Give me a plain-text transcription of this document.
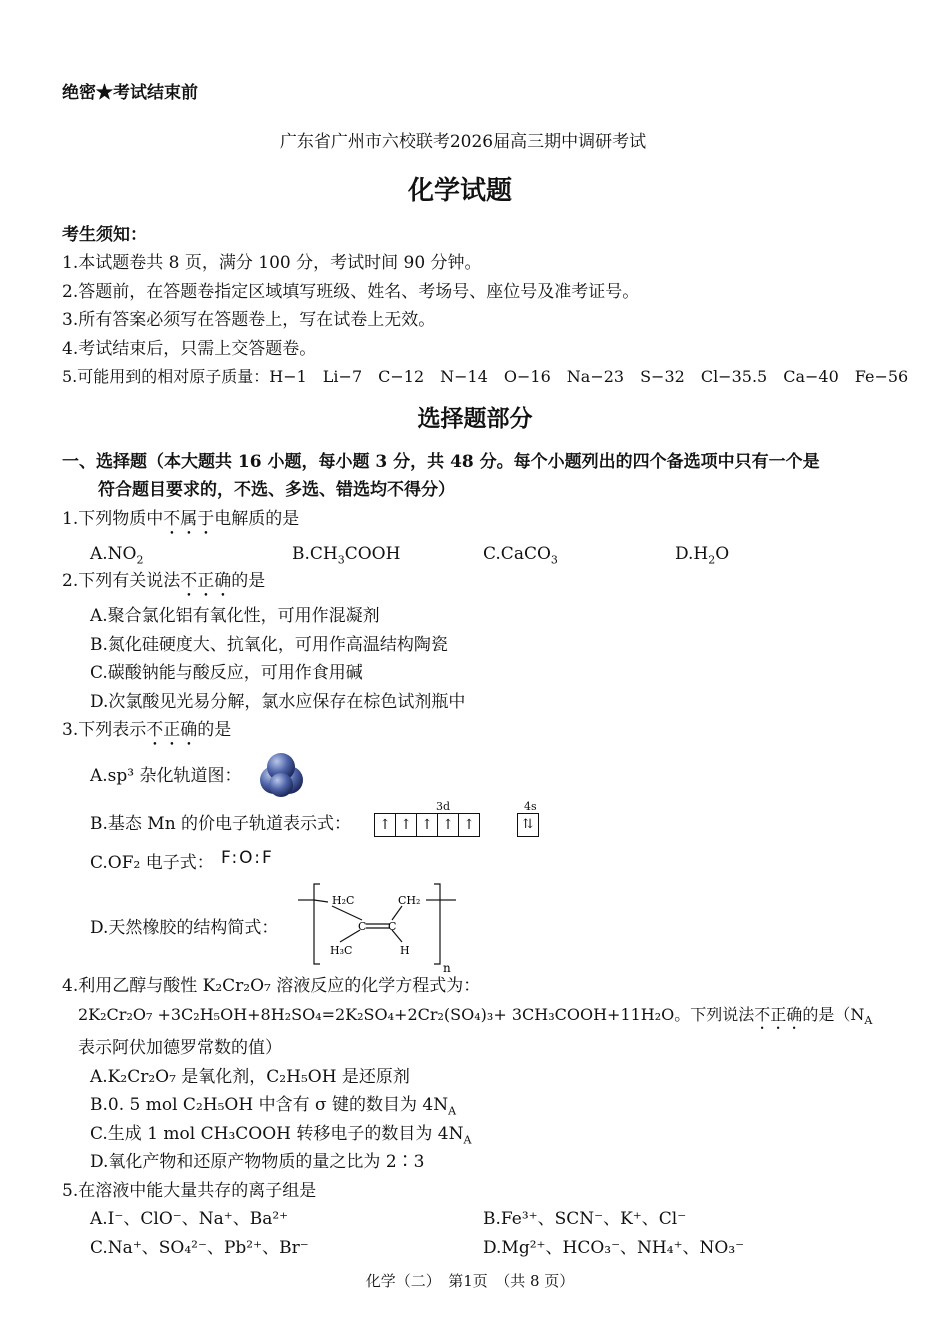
绝密★考试结束前
广东省广州市六校联考2026届高三期中调研考试
化学试题
考生须知：
1.本试题卷共 8 页，满分 100 分，考试时间 90 分钟。
2.答题前，在答题卷指定区域填写班级、姓名、考场号、座位号及准考证号。
3.所有答案必须写在答题卷上，写在试卷上无效。
4.考试结束后，只需上交答题卷。
5.可能用到的相对原子质量：H−1　Li−7　C−12　N−14　O−16　Na−23　S−32　Cl−35.5　Ca−40　Fe−56
选择题部分
一、选择题（本大题共 16 小题，每小题 3 分，共 48 分。每个小题列出的四个备选项中只有一个是
符合题目要求的，不选、多选、错选均不得分）
1.下列物质中不属于电解质的是
$A.NO_2$	$B.CH_3COOH$	C.CaCO$_3$	$D.H_2O$
2.下列有关说法不正确的是
A.聚合氯化铝有氧化性，可用作混凝剂
B.氮化硅硬度大、抗氧化，可用作高温结构陶瓷
C.碳酸钠能与酸反应，可用作食用碱
D.次氯酸见光易分解，氯水应保存在棕色试剂瓶中
3.下列表示不正确的是
A.sp³ 杂化轨道图：
B.基态 Mn 的价电子轨道表示式：
3d	4s
↑ ↑ ↑ ↑ ↑	⇅
C.OF₂ 电子式： F:O:F
D.天然橡胶的结构简式：
H₂C	CH₂
C C
H₃C	H
n
4.利用乙醇与酸性 K₂Cr₂O₇ 溶液反应的化学方程式为：
2K₂Cr₂O₇ +3C₂H₅OH+8H₂SO₄=2K₂SO₄+2Cr₂(SO₄)₃+ 3CH₃COOH+11H₂O。下列说法不正确的是（$N_A$
表示阿伏加德罗常数的值）
A.K₂Cr₂O₇ 是氧化剂，C₂H₅OH 是还原剂
B.0. 5 mol C₂H₅OH 中含有 σ 键的数目为 $4N_A$
C.生成 1 mol CH₃COOH 转移电子的数目为 $4N_A$
D.氧化产物和还原产物物质的量之比为 2∶3
5.在溶液中能大量共存的离子组是
A.I⁻、ClO⁻、Na⁺、Ba²⁺	B.Fe³⁺、SCN⁻、K⁺、Cl⁻
C.Na⁺、SO₄²⁻、Pb²⁺、Br⁻	D.Mg²⁺、HCO₃⁻、NH₄⁺、NO₃⁻
化学（二）　第1页　（共 8 页）
